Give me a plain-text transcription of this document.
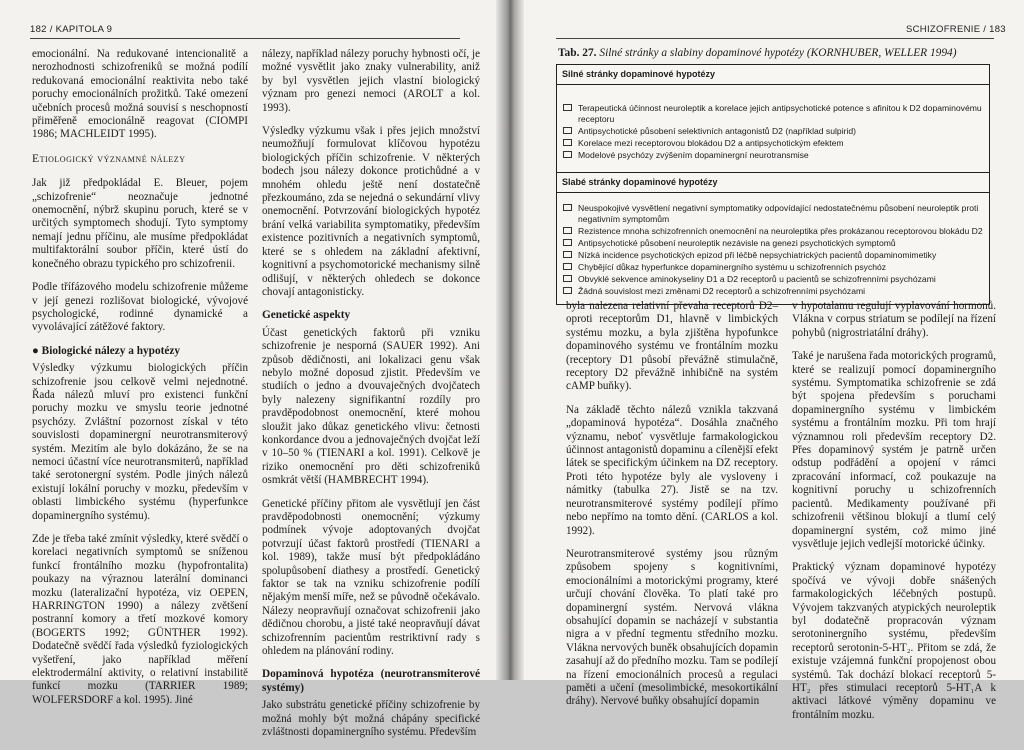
182 / KAPITOLA 9

emocionální. Na redukované intencionalitě a nerozhodnosti schizofreniků se možná podílí redukovaná emocionální reaktivita nebo také poruchy emocionálních prožitků. Také omezení učebních procesů možná souvisí s neschopností přiměřeně emocionálně reagovat (CIOMPI 1986; MACHLEIDT 1995).

Etiologický významné nálezy

Jak již předpokládal E. Bleuer, pojem „schizofrenie“ neoznačuje jednotné onemocnění, nýbrž skupinu poruch, které se v určitých symptomech shodují. Tyto symptomy nemají jednu příčinu, ale musíme předpokládat multifaktorální soubor příčin, které ústí do konečného obrazu typického pro schizofrenii.

Podle třífázového modelu schizofrenie můžeme v její genezi rozlišovat biologické, vývojové psychologické, rodinné dynamické a vyvolávající zátěžové faktory.

● Biologické nálezy a hypotézy

Výsledky výzkumu biologických příčin schizofrenie jsou celkově velmi nejednotné. Řada nálezů mluví pro existenci funkční poruchy mozku ve smyslu teorie jednotné psychózy. Zvláštní pozornost získal v této souvislosti dopaminergní neurotransmiterový systém. Mezitím ale bylo dokázáno, že se na nemoci účastní více neurotransmiterů, například také serotonergní systém. Podle jiných nálezů existují lokální poruchy v mozku, především v oblasti limbického systému (hyperfunkce dopaminergního systému).

Zde je třeba také zmínit výsledky, které svědčí o korelaci negativních symptomů se sníženou funkcí frontálního mozku (hypofrontalita) poukazy na výraznou laterální dominanci mozku (lateralizační hypotéza, viz OEPEN, HARRINGTON 1990) a nálezy zvětšení postranní komory a třetí mozkové komory (BOGERTS 1992; GÜNTHER 1992). Dodatečně svědčí řada výsledků fyziologických vyšetření, jako například měření elektrodermální aktivity, o relativní instabilitě funkcí mozku (TARRIER 1989; WOLFERSDORF a kol. 1995). Jiné

nálezy, například nálezy poruchy hybnosti očí, je možné vysvětlit jako znaky vulnerability, aniž by byl vysvětlen jejich vlastní biologický význam pro genezi nemoci (AROLT a kol. 1993).

Výsledky výzkumu však i přes jejich množství neumožňují formulovat klíčovou hypotézu biologických příčin schizofrenie. V některých bodech jsou nálezy dokonce protichůdné a v mnohém ohledu ještě není dostatečně přezkoumáno, zda se nejedná o sekundární vlivy onemocnění. Potvrzování biologických hypotéz brání velká variabilita symptomatiky, především existence pozitivních a negativních symptomů, které se s ohledem na základní afektivní, kognitivní a psychomotorické mechanismy silně odlišují, v některých ohledech se dokonce chovají antagonisticky.

Genetické aspekty

Účast genetických faktorů při vzniku schizofrenie je nesporná (SAUER 1992). Ani způsob dědičnosti, ani lokalizaci genu však nebylo možné doposud zjistit. Především ve studiích o jedno a dvouvaječných dvojčatech byly nalezeny signifikantní rozdíly pro pravděpodobnost onemocnění, které mohou sloužit jako důkaz genetického vlivu: četnosti konkordance dvou a jednovaječných dvojčat leží v 10–50 % (TIENARI a kol. 1991). Celkově je riziko onemocnění pro děti schizofreniků osmkrát větší (HAMBRECHT 1994).

Genetické příčiny přitom ale vysvětlují jen část pravděpodobnosti onemocnění; výzkumy podmínek vývoje adoptovaných dvojčat potvrzují účast faktorů prostředí (TIENARI a kol. 1989), takže musí být předpokládáno spolupůsobení diathesy a prostředí. Genetický faktor se tak na vzniku schizofrenie podílí nějakým menší míře, než se původně očekávalo. Nálezy neopravňují označovat schizofrenii jako dědičnou chorobu, a jisté také neopravňují dávat schizofrenním pacientům restriktivní rady s ohledem na plánování rodiny.

Dopaminová hypotéza (neurotransmiterové systémy)

Jako substrátu genetické příčiny schizofrenie by možná mohly být možná chápány specifické zvláštnosti dopaminergního systému. Především

SCHIZOFRENIE / 183
Tab. 27. Silné stránky a slabiny dopaminové hypotézy (KORNHUBER, WELLER 1994)
Silné stránky dopaminové hypotézy
Terapeutická účinnost neuroleptik a korelace jejich antipsychotické potence s afinitou k D2 dopaminovému receptoru
Antipsychotické působení selektivních antagonistů D2 (například sulpirid)
Korelace mezi receptorovou blokádou D2 a antipsychotickým efektem
Modelové psychózy zvýšením dopaminergní neurotransmise
Slabé stránky dopaminové hypotézy
Neuspokojivé vysvětlení negativní symptomatiky odpovídající nedostatečnému působení neuroleptik proti negativním symptomům
Rezistence mnoha schizofrenních onemocnění na neuroleptika přes prokázanou receptorovou blokádu D2
Antipsychotické působení neuroleptik nezávisle na genezi psychotických symptomů
Nízká incidence psychotických epizod při léčbě nepsychiatrických pacientů dopaminomimetiky
Chybějící důkaz hyperfunkce dopaminergního systému u schizofrenních psychóz
Obvyklé sekvence aminokyseliny D1 a D2 receptorů u pacientů se schizofrenními psychózami
Žádná souvislost mezi změnami D2 receptorů a schizofrenními psychózami

byla nalezena relativní převaha receptorů D2–oproti receptorům D1, hlavně v limbických systému mozku, a byla zjištěna hypofunkce dopaminového systému ve frontálním mozku (receptory D1 působí převážně stimulačně, receptory D2 převážně inhibičně na systém cAMP buňky).

Na základě těchto nálezů vznikla takzvaná „dopaminová hypotéza“. Dosáhla značného významu, neboť vysvětluje farmakologickou účinnost antagonistů dopaminu a cílenější efekt látek se specifickým účinkem na DZ receptory. Proti této hypotéze byly ale vysloveny i námitky (tabulka 27). Jistě se na tzv. neurotransmiterové systémy podílejí přímo nebo nepřímo na tomto dění. (CARLOS a kol. 1992).

Neurotransmiterové systémy jsou různým způsobem spojeny s kognitivními, emocionálními a motorickými programy, které určují chování člověka. To platí také pro dopaminergní systém. Nervová vlákna obsahující dopamin se nacházejí v substantia nigra a v přední tegmentu středního mozku. Vlákna nervových buněk obsahujících dopamin zasahují až do předního mozku. Tam se podílejí na řízení emocionálních procesů a regulaci paměti a učení (mesolimbické, mesokortikální dráhy). Nervové buňky obsahující dopamin

v hypotalamu regulují vyplavování hormonů. Vlákna v corpus striatum se podílejí na řízení pohybů (nigrostriatální dráhy).

Také je narušena řada motorických programů, které se realizují pomocí dopaminergního systému. Symptomatika schizofrenie se zdá být spojena především s poruchami dopaminergního systému v limbickém systému a frontálním mozku. Při tom hrají významnou roli především receptory D2. Přes dopaminový systém je patrně určen odstup podřádění a opojení v rámci zpracování informací, což poukazuje na kognitivní poruchy u schizofrenních pacientů. Medikamenty používané při schizofrenii většinou blokují a tlumí celý dopaminergní systém, což mimo jiné vysvětluje jejich vedlejší motorické účinky.

Praktický význam dopaminové hypotézy spočívá ve vývoji dobře snášených farmakologických léčebných postupů. Vývojem takzvaných atypických neuroleptik byl dodatečně propracován význam serotoninergního systému, především receptorů serotonin-5-HT₂. Přitom se zdá, že existuje vzájemná funkční propojenost obou systémů. Tak dochází blokací receptorů 5-HT₂ přes stimulaci receptorů 5-HT₁A k aktivaci látkové výměny dopaminu ve frontálním mozku.
